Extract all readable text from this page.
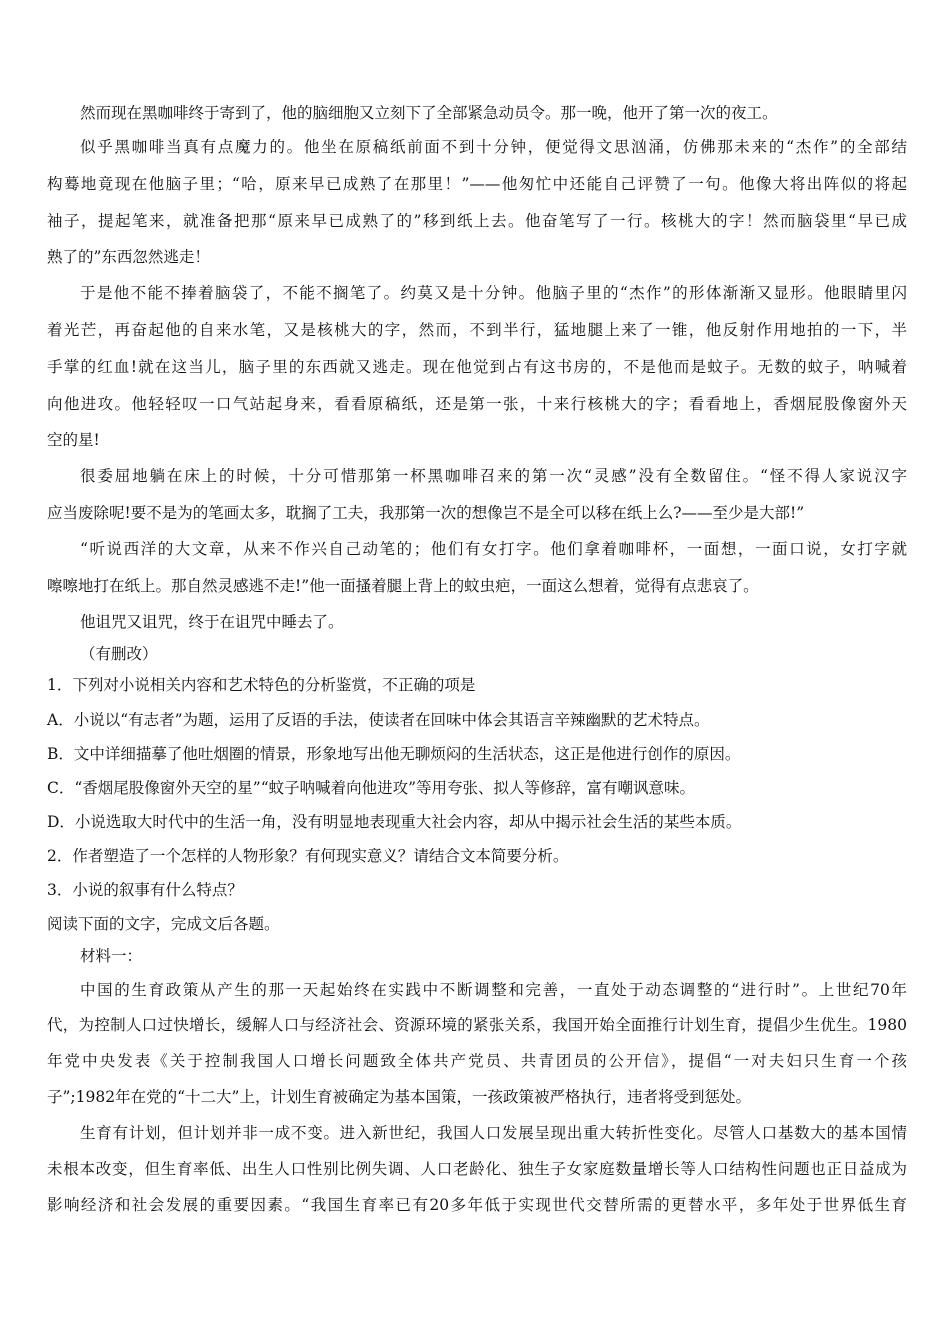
然而现在黑咖啡终于寄到了，他的脑细胞又立刻下了全部紧急动员令。那一晚，他开了第一次的夜工。

似乎黑咖啡当真有点魔力的。他坐在原稿纸前面不到十分钟，便觉得文思汹涌，仿佛那未来的“杰作”的全部结

构蓦地竟现在他脑子里；“哈，原来早已成熟了在那里！”——他匆忙中还能自己评赞了一句。他像大将出阵似的将起

袖子，提起笔来，就准备把那“原来早已成熟了的”移到纸上去。他奋笔写了一行。核桃大的字！然而脑袋里“早已成

熟了的”东西忽然逃走！

于是他不能不捧着脑袋了，不能不搁笔了。约莫又是十分钟。他脑子里的“杰作”的形体渐渐又显形。他眼睛里闪

着光芒，再奋起他的自来水笔，又是核桃大的字，然而，不到半行，猛地腿上来了一锥，他反射作用地拍的一下，半

手掌的红血!就在这当儿，脑子里的东西就又逃走。现在他觉到占有这书房的，不是他而是蚊子。无数的蚊子，呐喊着

向他进攻。他轻轻叹一口气站起身来，看看原稿纸，还是第一张，十来行核桃大的字；看看地上，香烟屁股像窗外天

空的星!

很委屈地躺在床上的时候，十分可惜那第一杯黑咖啡召来的第一次“灵感”没有全数留住。“怪不得人家说汉字

应当废除呢!要不是为的笔画太多，耽搁了工夫，我那第一次的想像岂不是全可以移在纸上么?——至少是大部!”

“听说西洋的大文章，从来不作兴自己动笔的；他们有女打字。他们拿着咖啡杯，一面想，一面口说，女打字就

嚓嚓地打在纸上。那自然灵感逃不走!”他一面搔着腿上背上的蚊虫疤，一面这么想着，觉得有点悲哀了。

他诅咒又诅咒，终于在诅咒中睡去了。

（有删改）

1．下列对小说相关内容和艺术特色的分析鉴赏，不正确的项是

A．小说以“有志者”为题，运用了反语的手法，使读者在回味中体会其语言辛辣幽默的艺术特点。

B．文中详细描摹了他吐烟圈的情景，形象地写出他无聊烦闷的生活状态，这正是他进行创作的原因。

C．“香烟尾股像窗外天空的星”“蚊子呐喊着向他进攻”等用夸张、拟人等修辞，富有嘲讽意味。

D．小说选取大时代中的生活一角，没有明显地表现重大社会内容，却从中揭示社会生活的某些本质。

2．作者塑造了一个怎样的人物形象？有何现实意义？请结合文本简要分析。

3．小说的叙事有什么特点？

阅读下面的文字，完成文后各题。

材料一：

中国的生育政策从产生的那一天起始终在实践中不断调整和完善，一直处于动态调整的“进行时”。上世纪70年

代，为控制人口过快增长，缓解人口与经济社会、资源环境的紧张关系，我国开始全面推行计划生育，提倡少生优生。1980

年党中央发表《关于控制我国人口增长问题致全体共产党员、共青团员的公开信》，提倡“一对夫妇只生育一个孩

子”;1982年在党的“十二大”上，计划生育被确定为基本国策，一孩政策被严格执行，违者将受到惩处。

生育有计划，但计划并非一成不变。进入新世纪，我国人口发展呈现出重大转折性变化。尽管人口基数大的基本国情

未根本改变，但生育率低、出生人口性别比例失调、人口老龄化、独生子女家庭数量增长等人口结构性问题也正日益成为

影响经济和社会发展的重要因素。“我国生育率已有20多年低于实现世代交替所需的更替水平，多年处于世界低生育
